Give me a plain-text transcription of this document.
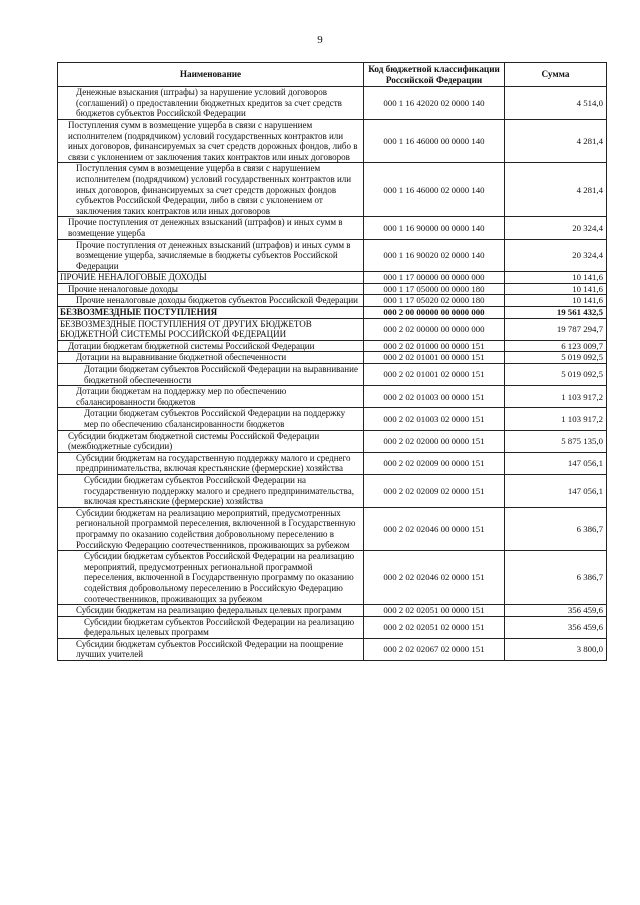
9
Наименование	Код бюджетной классификации Российской Федерации	Сумма
Денежные взыскания (штрафы) за нарушение условий договоров (соглашений) о предоставлении бюджетных кредитов за счет средств бюджетов субъектов Российской Федерации	000 1 16 42020 02 0000 140	4 514,0
Поступления сумм в возмещение ущерба в связи с нарушением исполнителем (подрядчиком) условий государственных контрактов или иных договоров, финансируемых за счет средств дорожных фондов, либо в связи с уклонением от заключения таких контрактов или иных договоров	000 1 16 46000 00 0000 140	4 281,4
Поступления сумм в возмещение ущерба в связи с нарушением исполнителем (подрядчиком) условий государственных контрактов или иных договоров, финансируемых за счет средств дорожных фондов субъектов Российской Федерации, либо в связи с уклонением от заключения таких контрактов или иных договоров	000 1 16 46000 02 0000 140	4 281,4
Прочие поступления от денежных взысканий (штрафов) и иных сумм в возмещение ущерба	000 1 16 90000 00 0000 140	20 324,4
Прочие поступления от денежных взысканий (штрафов) и иных сумм в возмещение ущерба, зачисляемые в бюджеты субъектов Российской Федерации	000 1 16 90020 02 0000 140	20 324,4
ПРОЧИЕ НЕНАЛОГОВЫЕ ДОХОДЫ	000 1 17 00000 00 0000 000	10 141,6
Прочие неналоговые доходы	000 1 17 05000 00 0000 180	10 141,6
Прочие неналоговые доходы бюджетов субъектов Российской Федерации	000 1 17 05020 02 0000 180	10 141,6
БЕЗВОЗМЕЗДНЫЕ ПОСТУПЛЕНИЯ	000 2 00 00000 00 0000 000	19 561 432,5
БЕЗВОЗМЕЗДНЫЕ ПОСТУПЛЕНИЯ ОТ ДРУГИХ БЮДЖЕТОВ БЮДЖЕТНОЙ СИСТЕМЫ РОССИЙСКОЙ ФЕДЕРАЦИИ	000 2 02 00000 00 0000 000	19 787 294,7
Дотации бюджетам бюджетной системы Российской Федерации	000 2 02 01000 00 0000 151	6 123 009,7
Дотации на выравнивание бюджетной обеспеченности	000 2 02 01001 00 0000 151	5 019 092,5
Дотации бюджетам субъектов Российской Федерации на выравнивание бюджетной обеспеченности	000 2 02 01001 02 0000 151	5 019 092,5
Дотации бюджетам на поддержку мер по обеспечению сбалансированности бюджетов	000 2 02 01003 00 0000 151	1 103 917,2
Дотации бюджетам субъектов Российской Федерации на поддержку мер по обеспечению сбалансированности бюджетов	000 2 02 01003 02 0000 151	1 103 917,2
Субсидии бюджетам бюджетной системы Российской Федерации (межбюджетные субсидии)	000 2 02 02000 00 0000 151	5 875 135,0
Субсидии бюджетам на государственную поддержку малого и среднего предпринимательства, включая крестьянские (фермерские) хозяйства	000 2 02 02009 00 0000 151	147 056,1
Субсидии бюджетам субъектов Российской Федерации на государственную поддержку малого и среднего предпринимательства, включая крестьянские (фермерские) хозяйства	000 2 02 02009 02 0000 151	147 056,1
Субсидии бюджетам на реализацию мероприятий, предусмотренных региональной программой переселения, включенной в Государственную программу по оказанию содействия добровольному переселению в Российскую Федерацию соотечественников, проживающих за рубежом	000 2 02 02046 00 0000 151	6 386,7
Субсидии бюджетам субъектов Российской Федерации на реализацию мероприятий, предусмотренных региональной программой переселения, включенной в Государственную программу по оказанию содействия добровольному переселению в Российскую Федерацию соотечественников, проживающих за рубежом	000 2 02 02046 02 0000 151	6 386,7
Субсидии бюджетам на реализацию федеральных целевых программ	000 2 02 02051 00 0000 151	356 459,6
Субсидии бюджетам субъектов Российской Федерации на реализацию федеральных целевых программ	000 2 02 02051 02 0000 151	356 459,6
Субсидии бюджетам субъектов Российской Федерации на поощрение лучших учителей	000 2 02 02067 02 0000 151	3 800,0
